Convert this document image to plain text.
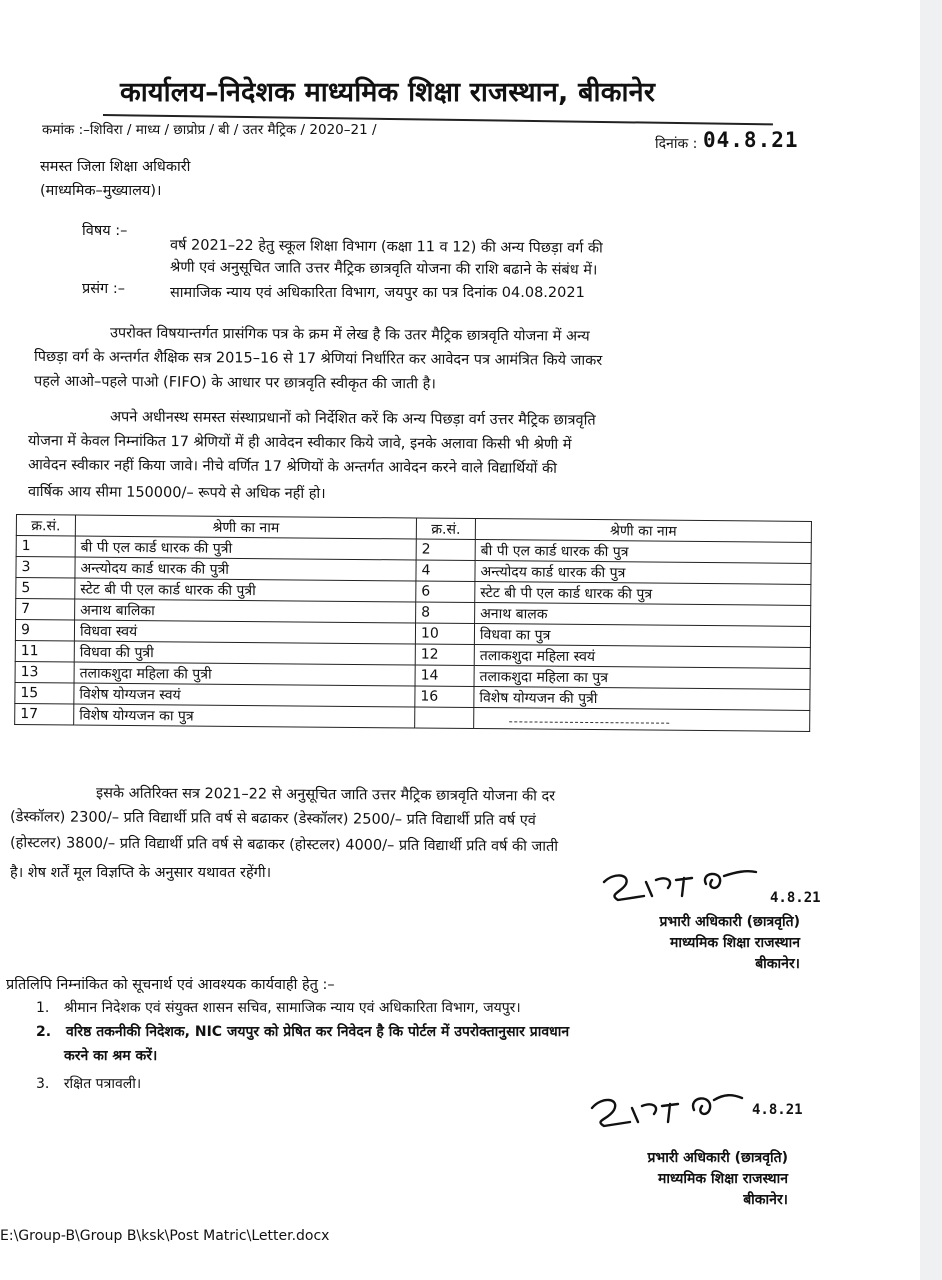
कार्यालय–निदेशक माध्यमिक शिक्षा राजस्थान, बीकानेर
कमांक :–शिविरा / माध्य / छाप्रोप्र / बी / उतर मैट्रिक / 2020–21 /
दिनांक : 04.8.21
समस्त जिला शिक्षा अधिकारी
(माध्यमिक–मुख्यालय)।
विषय :–
वर्ष 2021–22 हेतु स्कूल शिक्षा विभाग (कक्षा 11 व 12) की अन्य पिछड़ा वर्ग की
श्रेणी एवं अनुसूचित जाति उत्तर मैट्रिक छात्रवृति योजना की राशि बढाने के संबंध में।
प्रसंग :–	सामाजिक न्याय एवं अधिकारिता विभाग, जयपुर का पत्र दिनांक 04.08.2021
उपरोक्त विषयान्तर्गत प्रासंगिक पत्र के क्रम में लेख है कि उतर मैट्रिक छात्रवृति योजना में अन्य
पिछड़ा वर्ग के अन्तर्गत शैक्षिक सत्र 2015–16 से 17 श्रेणियां निर्धारित कर आवेदन पत्र आमंत्रित किये जाकर
पहले आओ–पहले पाओ (FIFO) के आधार पर छात्रवृति स्वीकृत की जाती है।
अपने अधीनस्थ समस्त संस्थाप्रधानों को निर्देशित करें कि अन्य पिछड़ा वर्ग उत्तर मैट्रिक छात्रवृति
योजना में केवल निम्नांकित 17 श्रेणियों में ही आवेदन स्वीकार किये जावे, इनके अलावा किसी भी श्रेणी में
आवेदन स्वीकार नहीं किया जावे। नीचे वर्णित 17 श्रेणियों के अन्तर्गत आवेदन करने वाले विद्यार्थियों की
वार्षिक आय सीमा 150000/– रूपये से अधिक नहीं हो।
क्र.सं.	श्रेणी का नाम	क्र.सं.	श्रेणी का नाम
1	बी पी एल कार्ड धारक की पुत्री	2	बी पी एल कार्ड धारक की पुत्र
3	अन्त्योदय कार्ड धारक की पुत्री	4	अन्त्योदय कार्ड धारक की पुत्र
5	स्टेट बी पी एल कार्ड धारक की पुत्री	6	स्टेट बी पी एल कार्ड धारक की पुत्र
7	अनाथ बालिका	8	अनाथ बालक
9	विधवा स्वयं	10	विधवा का पुत्र
11	विधवा की पुत्री	12	तलाकशुदा महिला स्वयं
13	तलाकशुदा महिला की पुत्री	14	तलाकशुदा महिला का पुत्र
15	विशेष योग्यजन स्वयं	16	विशेष योग्यजन की पुत्री
17	विशेष योग्यजन का पुत्र		
इसके अतिरिक्त सत्र 2021–22 से अनुसूचित जाति उत्तर मैट्रिक छात्रवृति योजना की दर
(डेस्कॉलर) 2300/– प्रति विद्यार्थी प्रति वर्ष से बढाकर (डेस्कॉलर) 2500/– प्रति विद्यार्थी प्रति वर्ष एवं
(होस्टलर) 3800/– प्रति विद्यार्थी प्रति वर्ष से बढाकर (होस्टलर) 4000/– प्रति विद्यार्थी प्रति वर्ष की जाती
है। शेष शर्तें मूल विज्ञप्ति के अनुसार यथावत रहेंगी।
4.8.21
प्रभारी अधिकारी (छात्रवृति)
माध्यमिक शिक्षा राजस्थान
बीकानेर।
प्रतिलिपि निम्नांकित को सूचनार्थ एवं आवश्यक कार्यवाही हेतु :–
1. श्रीमान निदेशक एवं संयुक्त शासन सचिव, सामाजिक न्याय एवं अधिकारिता विभाग, जयपुर।
2. वरिष्ठ तकनीकी निदेशक, NIC जयपुर को प्रेषित कर निवेदन है कि पोर्टल में उपरोक्तानुसार प्रावधान
करने का श्रम करें।
3. रक्षित पत्रावली।
4.8.21
प्रभारी अधिकारी (छात्रवृति)
माध्यमिक शिक्षा राजस्थान
बीकानेर।
E:\Group-B\Group B\ksk\Post Matric\Letter.docx
